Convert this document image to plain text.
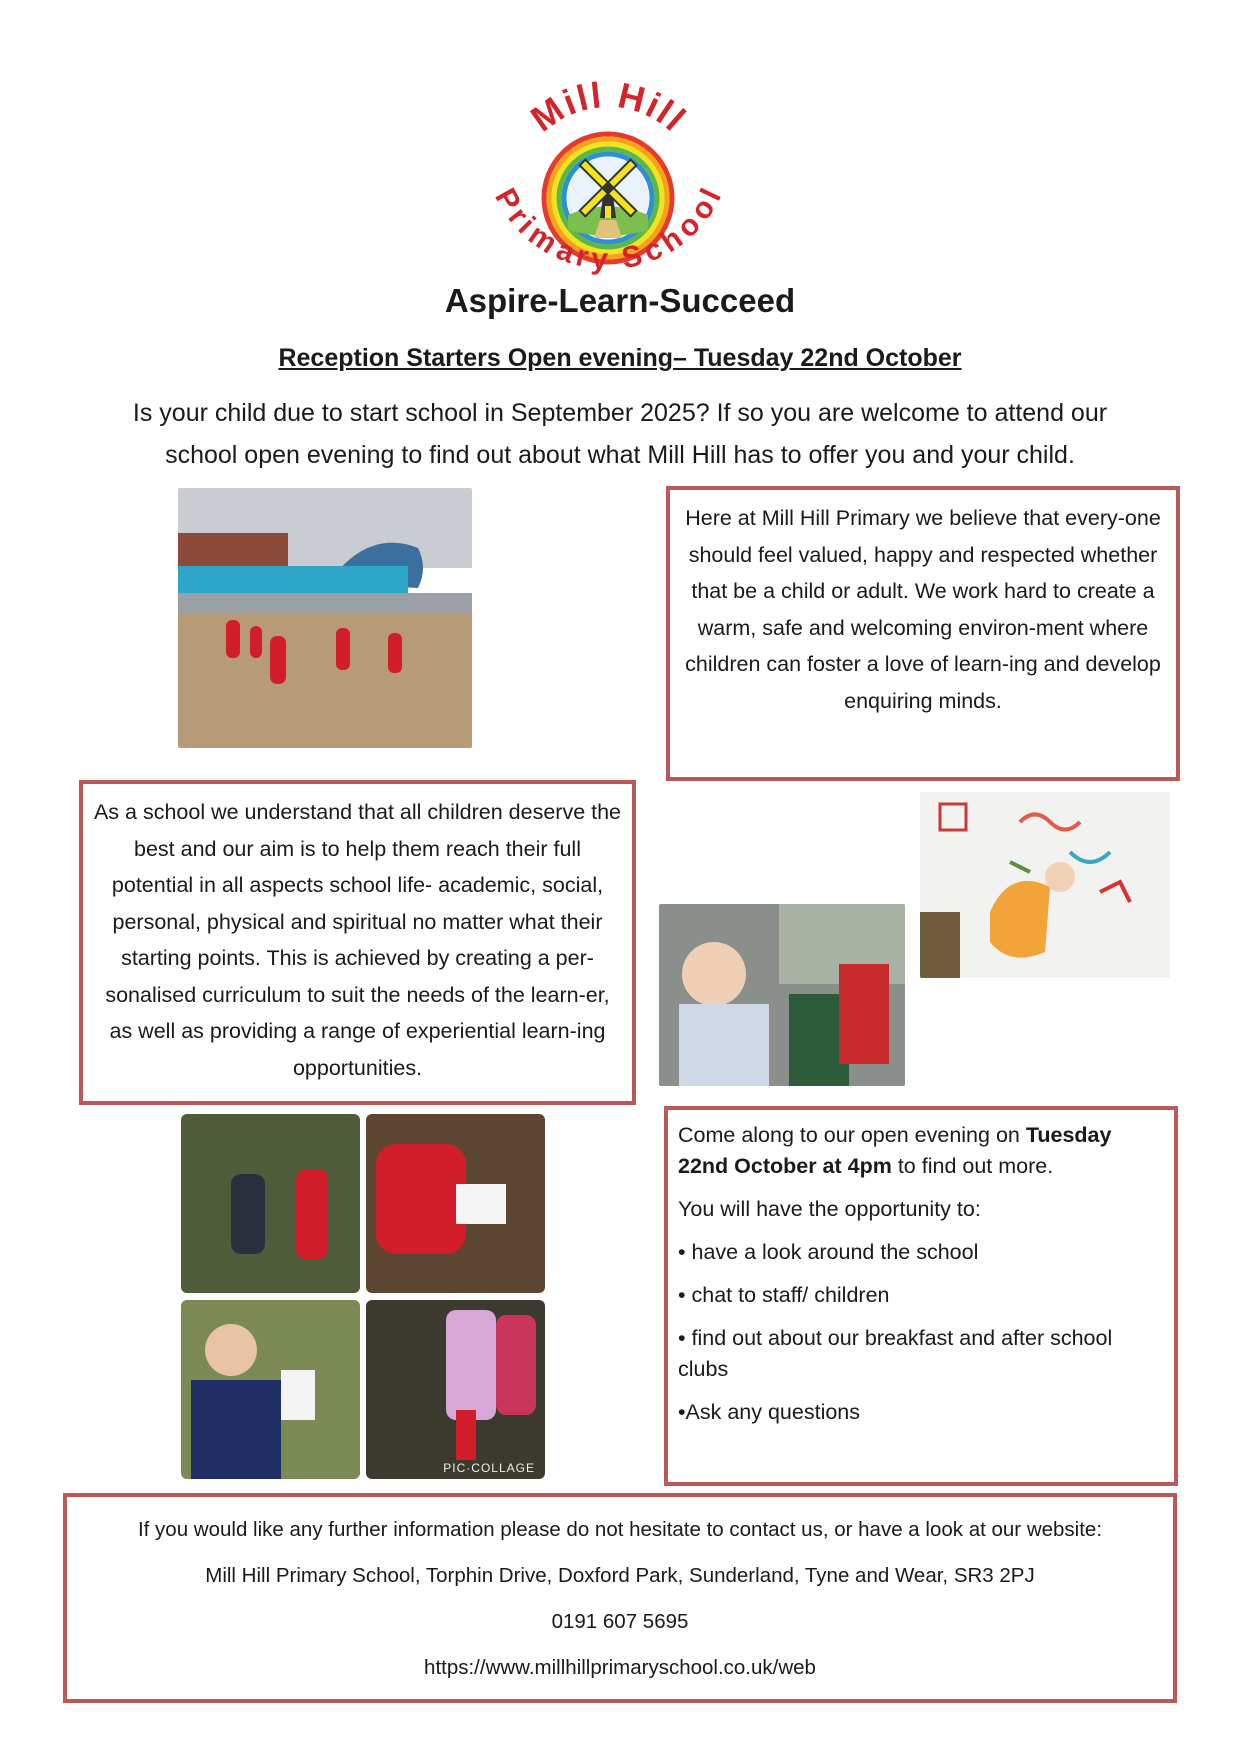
Mill Hill
Primary School
Aspire-Learn-Succeed
Reception Starters Open evening– Tuesday 22nd October
Is your child due to start school in September 2025? If so you are welcome to attend our
school open evening to find out about what Mill Hill has to offer you and your child.

Here at Mill Hill Primary we believe that every-one should feel valued, happy and respected whether that be a child or adult. We work hard to create a warm, safe and welcoming environ-ment where children can foster a love of learn-ing and develop enquiring minds.

As a school we understand that all children deserve the best and our aim is to help them reach their full potential in all aspects school life- academic, social, personal, physical and spiritual no matter what their starting points. This is achieved by creating a per-sonalised curriculum to suit the needs of the learn-er, as well as providing a range of experiential learn-ing opportunities.

PIC·COLLAGE
Come along to our open evening on Tuesday 22nd October at 4pm to find out more.
You will have the opportunity to:
• have a look around the school
• chat to staff/ children
• find out about our breakfast and after school clubs
•Ask any questions
If you would like any further information please do not hesitate to contact us, or have a look at our website:
Mill Hill Primary School, Torphin Drive, Doxford Park, Sunderland, Tyne and Wear, SR3 2PJ
0191 607 5695
https://www.millhillprimaryschool.co.uk/web
